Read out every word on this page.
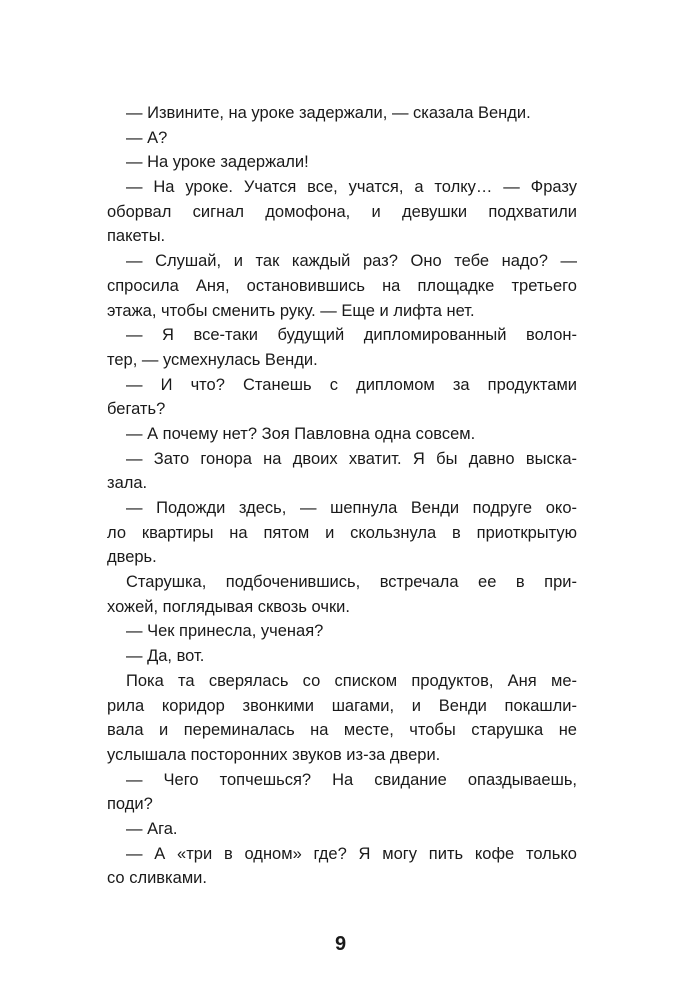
— Извините, на уроке задержали, — сказала Венди.
— А?
— На уроке задержали!
— На уроке. Учатся все, учатся, а толку… — Фразу
оборвал сигнал домофона, и девушки подхватили
пакеты.
— Слушай, и так каждый раз? Оно тебе надо? —
спросила Аня, остановившись на площадке третьего
этажа, чтобы сменить руку. — Еще и лифта нет.
— Я все-таки будущий дипломированный волон-
тер, — усмехнулась Венди.
— И что? Станешь с дипломом за продуктами
бегать?
— А почему нет? Зоя Павловна одна совсем.
— Зато гонора на двоих хватит. Я бы давно выска-
зала.
— Подожди здесь, — шепнула Венди подруге око-
ло квартиры на пятом и скользнула в приоткрытую
дверь.
Старушка, подбоченившись, встречала ее в при-
хожей, поглядывая сквозь очки.
— Чек принесла, ученая?
— Да, вот.
Пока та сверялась со списком продуктов, Аня ме-
рила коридор звонкими шагами, и Венди покашли-
вала и переминалась на месте, чтобы старушка не
услышала посторонних звуков из-за двери.
— Чего топчешься? На свидание опаздываешь,
поди?
— Ага.
— А «три в одном» где? Я могу пить кофе только
со сливками.
9
